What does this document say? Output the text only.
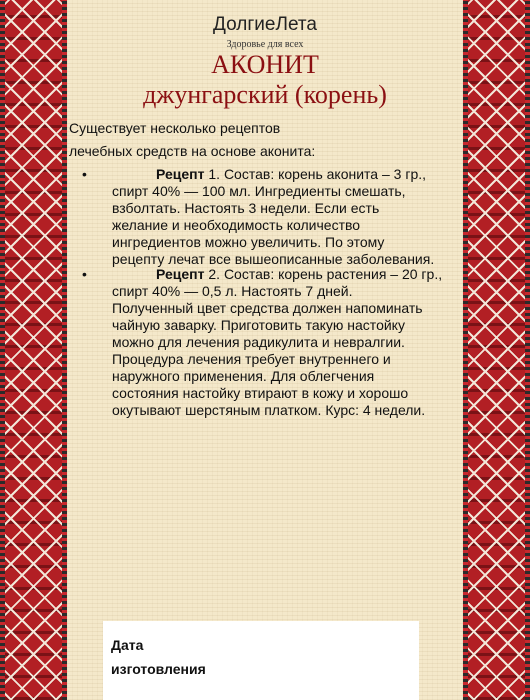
ДолгиеЛета
Здоровье для всех
АКОНИТ
джунгарский (корень)
Существует несколько рецептов
лечебных средств на основе аконита:
•	Рецепт 1. Состав: корень аконита – 3 гр.,
спирт 40% — 100 мл. Ингредиенты смешать,
взболтать. Настоять 3 недели. Если есть
желание и необходимость количество
ингредиентов можно увеличить. По этому
рецепту лечат все вышеописанные заболевания.
•	Рецепт 2. Состав: корень растения – 20 гр.,
спирт 40% — 0,5 л. Настоять 7 дней.
Полученный цвет средства должен напоминать
чайную заварку. Приготовить такую настойку
можно для лечения радикулита и невралгии.
Процедура лечения требует внутреннего и
наружного применения. Для облегчения
состояния настойку втирают в кожу и хорошо
окутывают шерстяным платком. Курс: 4 недели.
Дата
изготовления
